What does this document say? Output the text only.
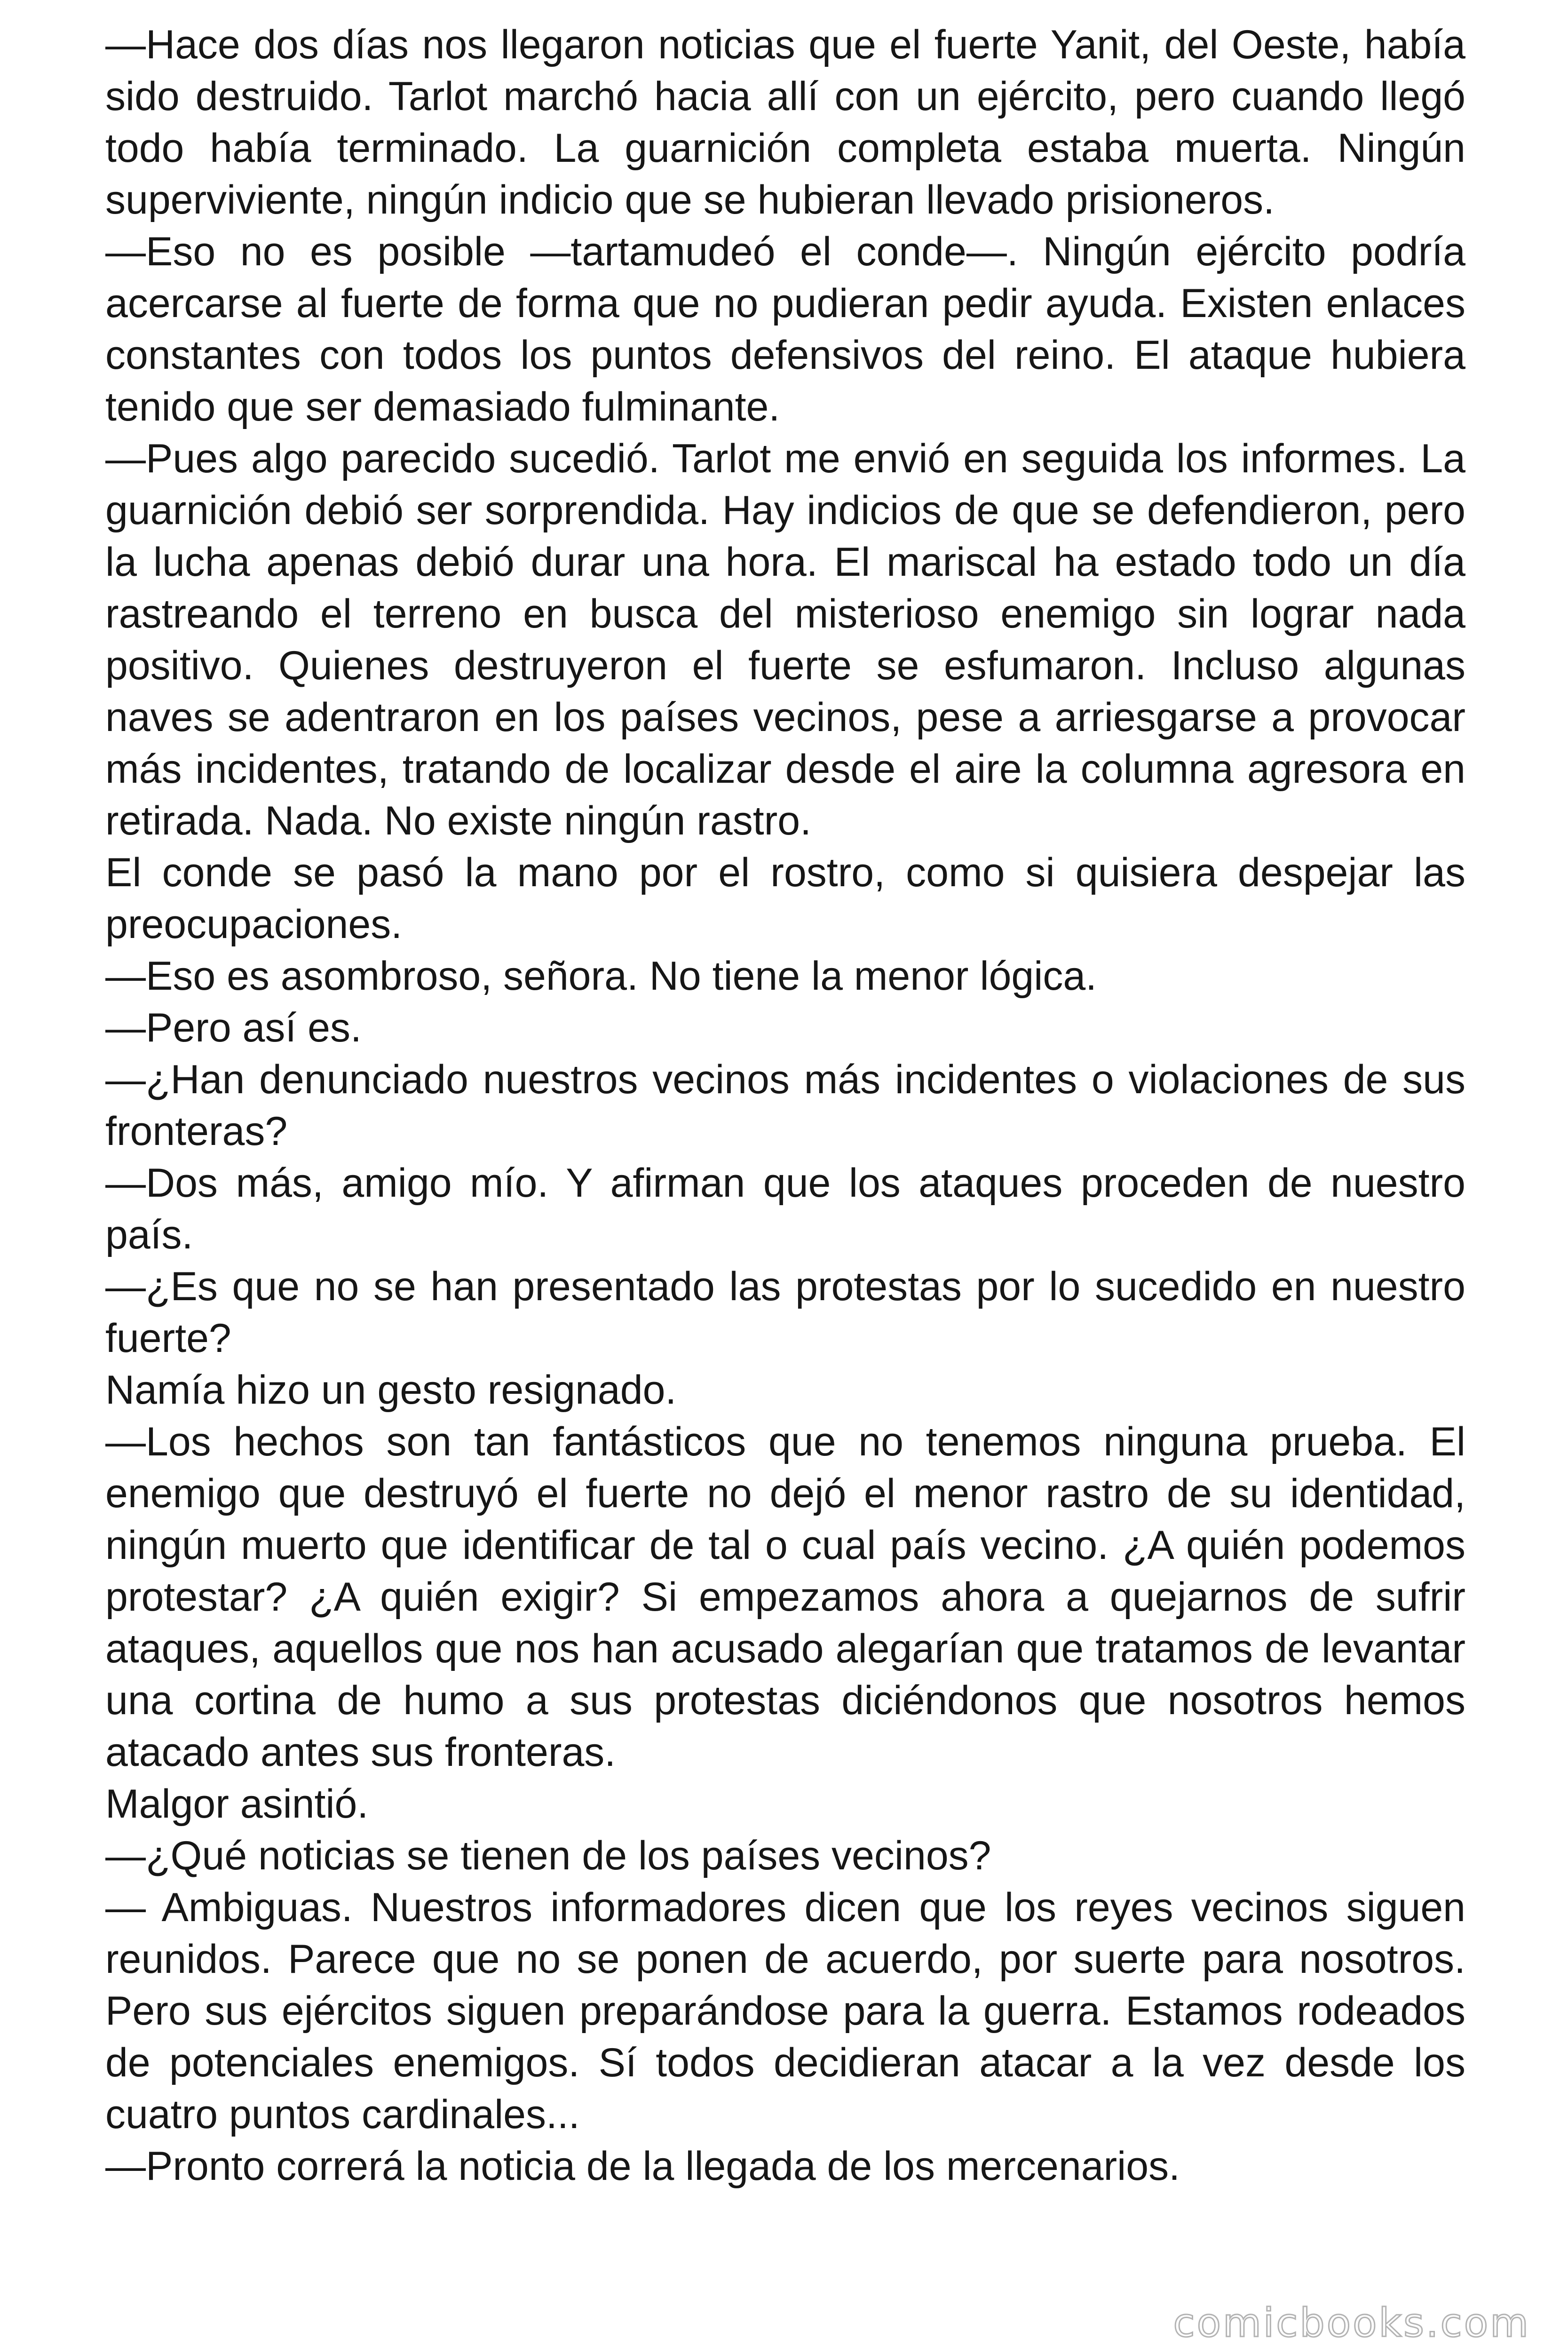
—Hace dos días nos llegaron noticias que el fuerte Yanit, del Oeste, había sido destruido. Tarlot marchó hacia allí con un ejército, pero cuando llegó todo había terminado. La guarnición completa estaba muerta. Ningún superviviente, ningún indicio que se hubieran llevado prisioneros.

—Eso no es posible —tartamudeó el conde—. Ningún ejército podría acercarse al fuerte de forma que no pudieran pedir ayuda. Existen enlaces constantes con todos los puntos defensivos del reino. El ataque hubiera tenido que ser demasiado fulminante.

—Pues algo parecido sucedió. Tarlot me envió en seguida los informes. La guarnición debió ser sorprendida. Hay indicios de que se defendieron, pero la lucha apenas debió durar una hora. El mariscal ha estado todo un día rastreando el terreno en busca del misterioso enemigo sin lograr nada positivo. Quienes destruyeron el fuerte se esfumaron. Incluso algunas naves se adentraron en los países vecinos, pese a arriesgarse a provocar más incidentes, tratando de localizar desde el aire la columna agresora en retirada. Nada. No existe ningún rastro.

El conde se pasó la mano por el rostro, como si quisiera despejar las preocupaciones.

—Eso es asombroso, señora. No tiene la menor lógica.

—Pero así es.

—¿Han denunciado nuestros vecinos más incidentes o violaciones de sus fronteras?

—Dos más, amigo mío. Y afirman que los ataques proceden de nuestro país.

—¿Es que no se han presentado las protestas por lo sucedido en nuestro fuerte?

Namía hizo un gesto resignado.

—Los hechos son tan fantásticos que no tenemos ninguna prueba. El enemigo que destruyó el fuerte no dejó el menor rastro de su identidad, ningún muerto que identificar de tal o cual país vecino. ¿A quién podemos protestar? ¿A quién exigir? Si empezamos ahora a quejarnos de sufrir ataques, aquellos que nos han acusado alegarían que tratamos de levantar una cortina de humo a sus protestas diciéndonos que nosotros hemos atacado antes sus fronteras.

Malgor asintió.

—¿Qué noticias se tienen de los países vecinos?

— Ambiguas. Nuestros informadores dicen que los reyes vecinos siguen reunidos. Parece que no se ponen de acuerdo, por suerte para nosotros. Pero sus ejércitos siguen preparándose para la guerra. Estamos rodeados de potenciales enemigos. Sí todos decidieran atacar a la vez desde los cuatro puntos cardinales...

—Pronto correrá la noticia de la llegada de los mercenarios.

comicbooks.com
